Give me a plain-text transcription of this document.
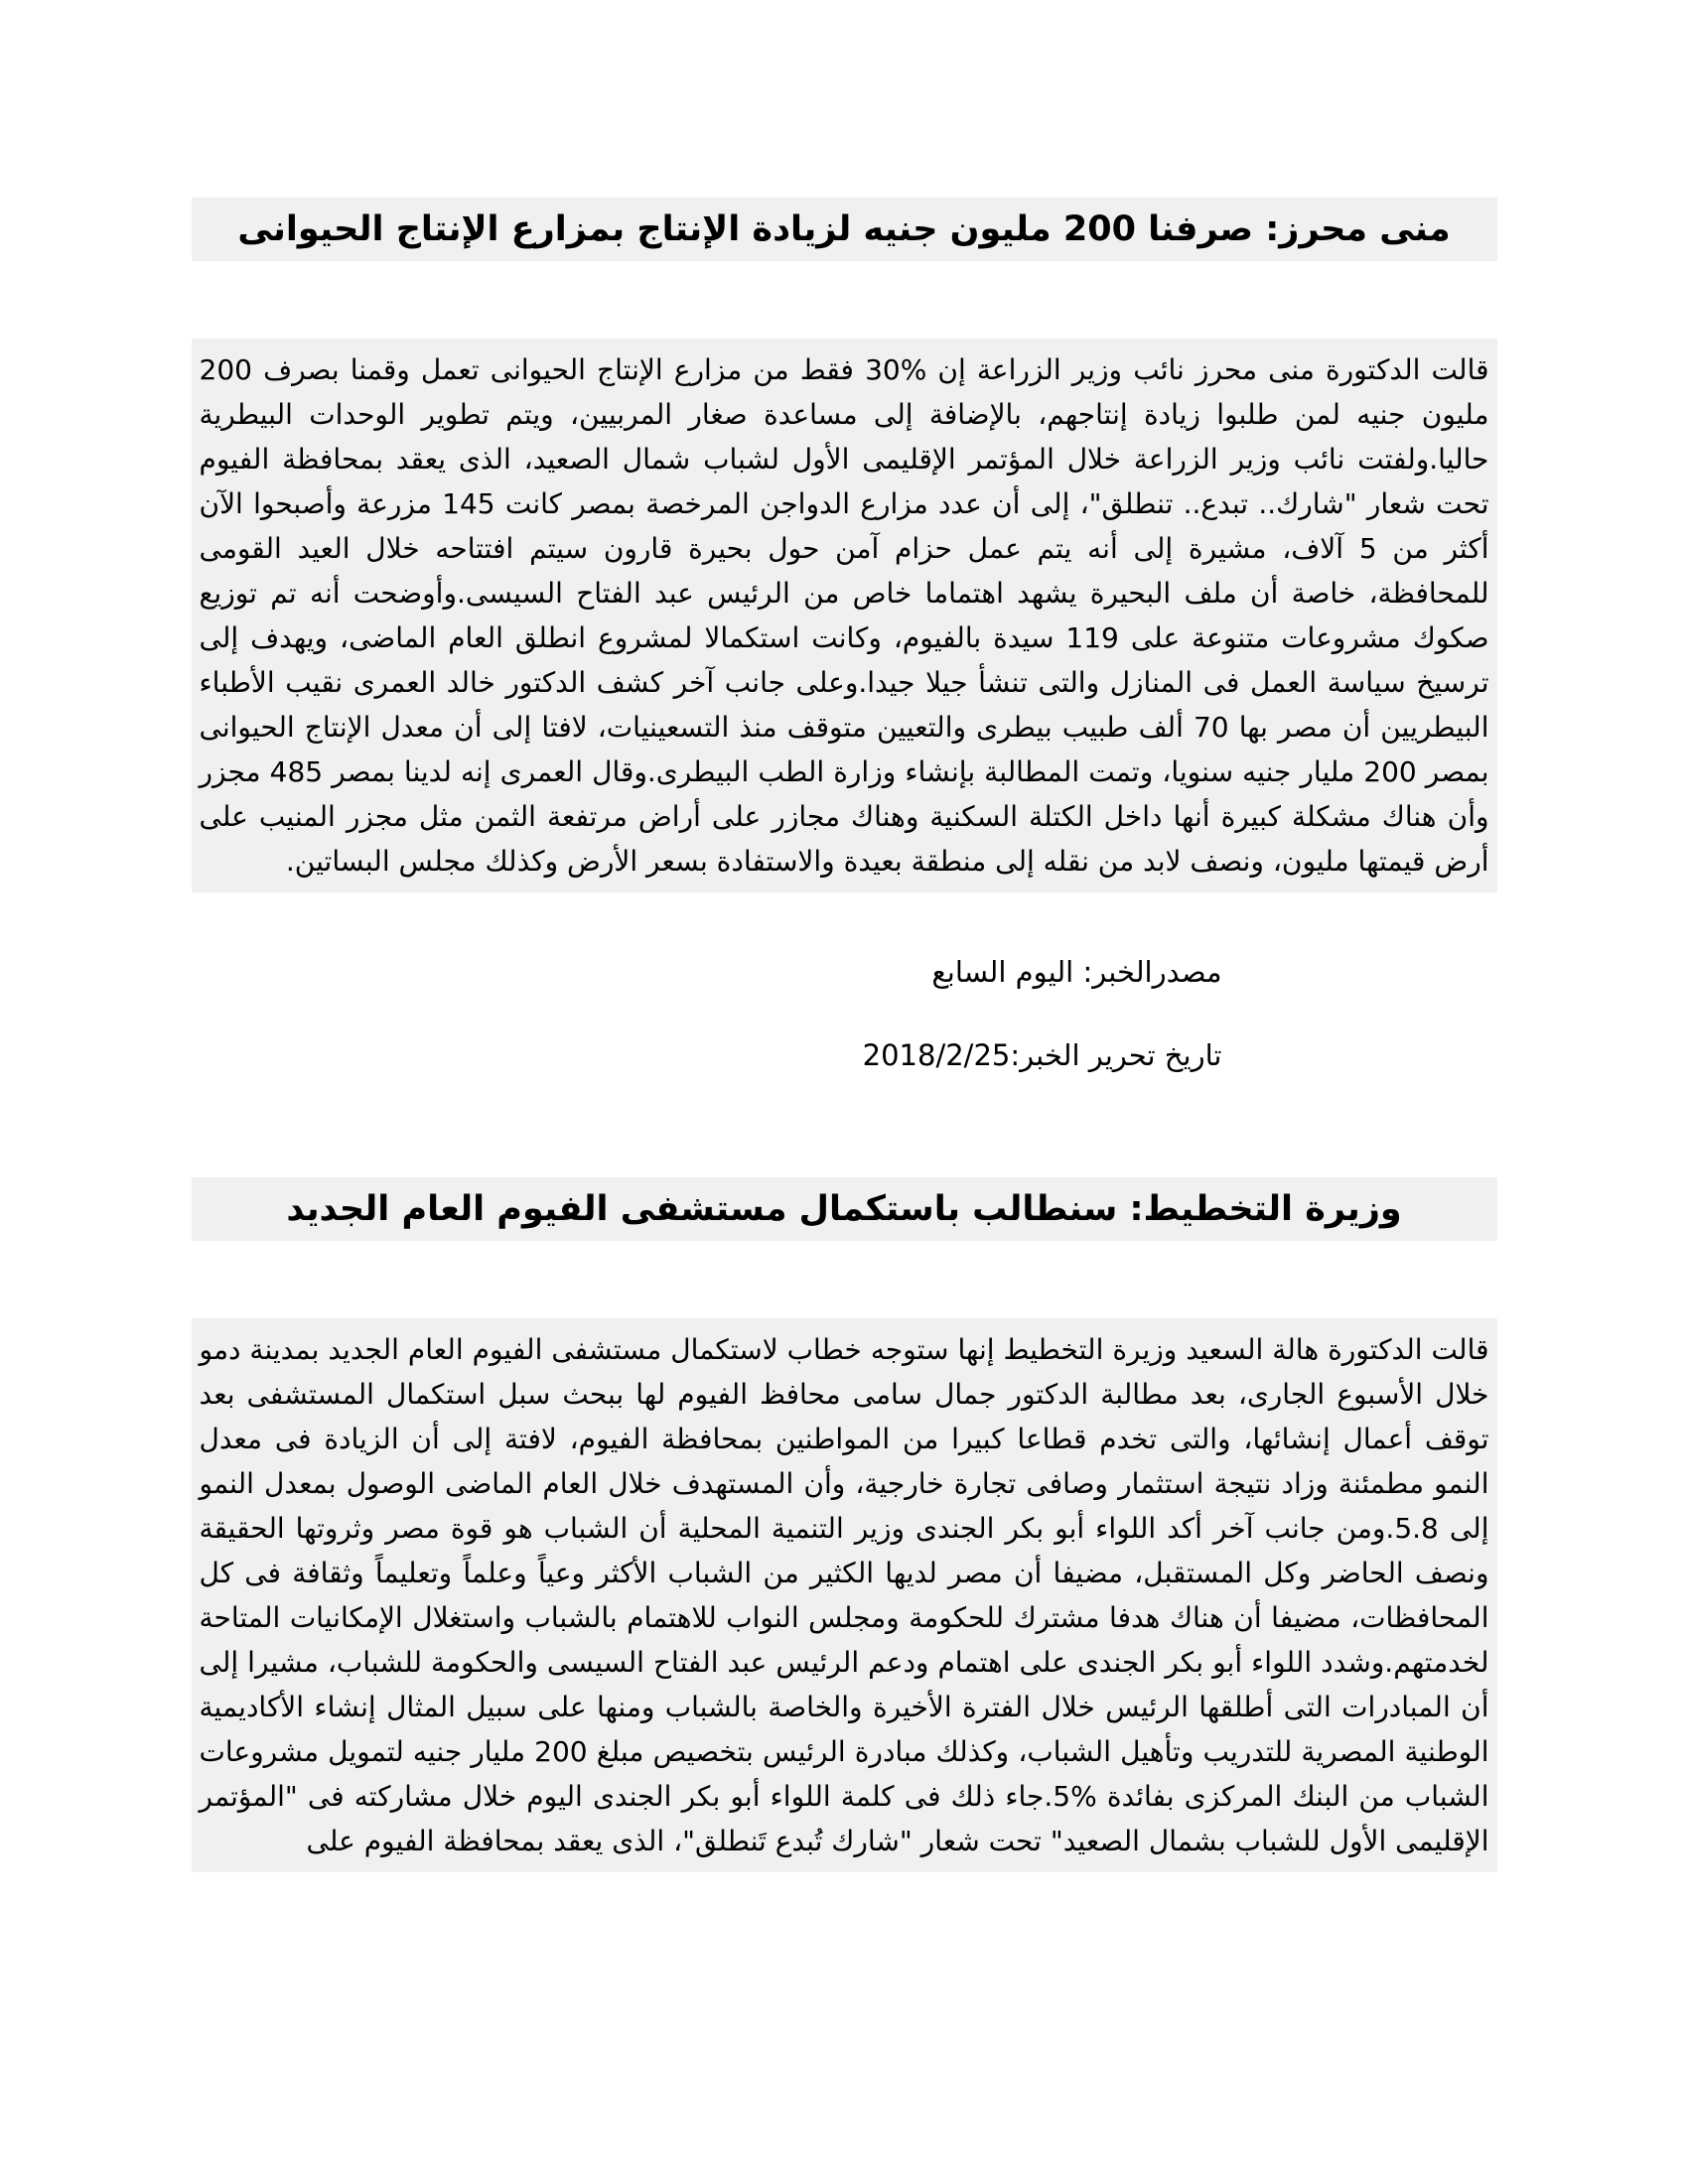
منى محرز: صرفنا 200 مليون جنيه لزيادة الإنتاج بمزارع الإنتاج الحيوانى
قالت الدكتورة منى محرز نائب وزير الزراعة إن %30 فقط من مزارع الإنتاج الحيوانى تعمل وقمنا بصرف 200 مليون جنيه لمن طلبوا زيادة إنتاجهم، بالإضافة إلى مساعدة صغار المربيين، ويتم تطوير الوحدات البيطرية حاليا.ولفتت نائب وزير الزراعة خلال المؤتمر الإقليمى الأول لشباب شمال الصعيد، الذى يعقد بمحافظة الفيوم تحت شعار "شارك.. تبدع.. تنطلق"، إلى أن عدد مزارع الدواجن المرخصة بمصر كانت 145 مزرعة وأصبحوا الآن أكثر من 5 آلاف، مشيرة إلى أنه يتم عمل حزام آمن حول بحيرة قارون سيتم افتتاحه خلال العيد القومى للمحافظة، خاصة أن ملف البحيرة يشهد اهتماما خاص من الرئيس عبد الفتاح السيسى.وأوضحت أنه تم توزيع صكوك مشروعات متنوعة على 119 سيدة بالفيوم، وكانت استكمالا لمشروع انطلق العام الماضى، ويهدف إلى ترسيخ سياسة العمل فى المنازل والتى تنشأ جيلا جيدا.وعلى جانب آخر كشف الدكتور خالد العمرى نقيب الأطباء البيطريين أن مصر بها 70 ألف طبيب بيطرى والتعيين متوقف منذ التسعينيات، لافتا إلى أن معدل الإنتاج الحيوانى بمصر 200 مليار جنيه سنويا، وتمت المطالبة بإنشاء وزارة الطب البيطرى.وقال العمرى إنه لدينا بمصر 485 مجزر وأن هناك مشكلة كبيرة أنها داخل الكتلة السكنية وهناك مجازر على أراض مرتفعة الثمن مثل مجزر المنيب على أرض قيمتها مليون، ونصف لابد من نقله إلى منطقة بعيدة والاستفادة بسعر الأرض وكذلك مجلس البساتين.
مصدرالخبر: اليوم السابع
تاريخ تحرير الخبر:2018/2/25
وزيرة التخطيط: سنطالب باستكمال مستشفى الفيوم العام الجديد
قالت الدكتورة هالة السعيد وزيرة التخطيط إنها ستوجه خطاب لاستكمال مستشفى الفيوم العام الجديد بمدينة دمو خلال الأسبوع الجارى، بعد مطالبة الدكتور جمال سامى محافظ الفيوم لها ببحث سبل استكمال المستشفى بعد توقف أعمال إنشائها، والتى تخدم قطاعا كبيرا من المواطنين بمحافظة الفيوم، لافتة إلى أن الزيادة فى معدل النمو مطمئنة وزاد نتيجة استثمار وصافى تجارة خارجية، وأن المستهدف خلال العام الماضى الوصول بمعدل النمو إلى 5.8.ومن جانب آخر أكد اللواء أبو بكر الجندى وزير التنمية المحلية أن الشباب هو قوة مصر وثروتها الحقيقة ونصف الحاضر وكل المستقبل، مضيفا أن مصر لديها الكثير من الشباب الأكثر وعياً وعلماً وتعليماً وثقافة فى كل المحافظات، مضيفا أن هناك هدفا مشترك للحكومة ومجلس النواب للاهتمام بالشباب واستغلال الإمكانيات المتاحة لخدمتهم.وشدد اللواء أبو بكر الجندى على اهتمام ودعم الرئيس عبد الفتاح السيسى والحكومة للشباب، مشيرا إلى أن المبادرات التى أطلقها الرئيس خلال الفترة الأخيرة والخاصة بالشباب ومنها على سبيل المثال إنشاء الأكاديمية الوطنية المصرية للتدريب وتأهيل الشباب، وكذلك مبادرة الرئيس بتخصيص مبلغ 200 مليار جنيه لتمويل مشروعات الشباب من البنك المركزى بفائدة %5.جاء ذلك فى كلمة اللواء أبو بكر الجندى اليوم خلال مشاركته فى "المؤتمر الإقليمى الأول للشباب بشمال الصعيد" تحت شعار "شارك تُبدع تَنطلق"، الذى يعقد بمحافظة الفيوم على
